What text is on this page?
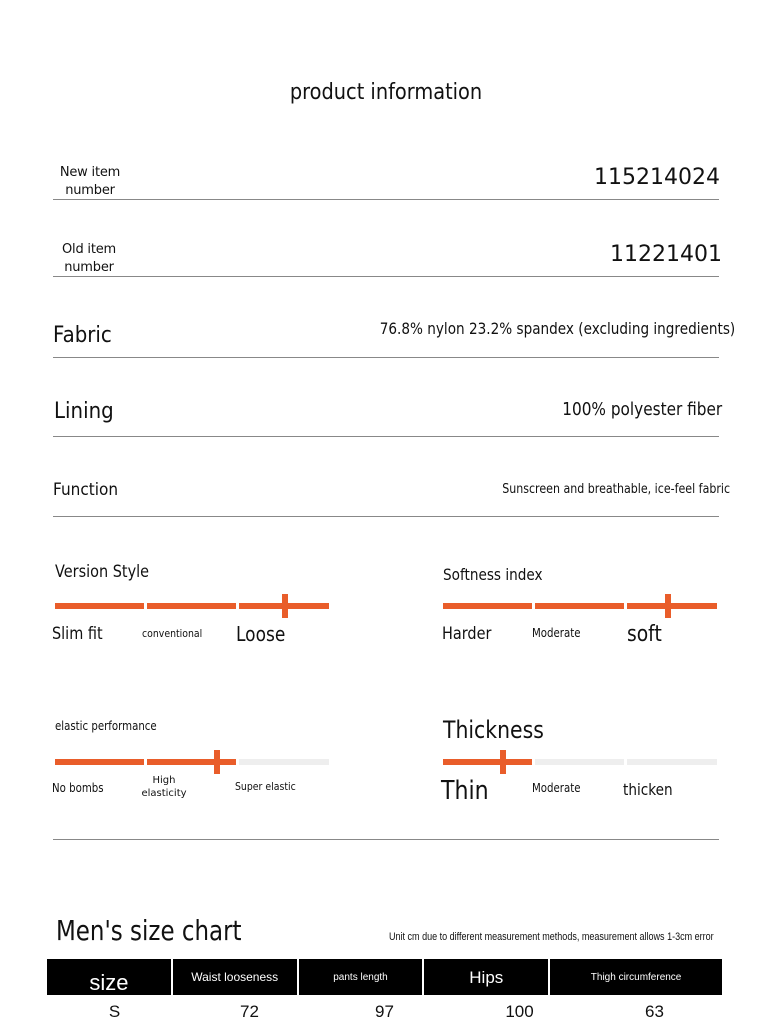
product information
New item
number
115214024
Old item
number
11221401
Fabric	76.8% nylon 23.2% spandex (excluding ingredients)
Lining	100% polyester fiber
Function	Sunscreen and breathable, ice-feel fabric
Version Style
Slim fit	conventional Loose
Softness index
Harder	Moderate soft
elastic performance
No bombs
High
elasticity
Super elastic
Thickness
Thin	Moderate	thicken
Men's size chart	Unit cm due to different measurement methods, measurement allows 1-3cm error
size	Waist looseness	pants length	Hips	Thigh circumference
S	72	97	100	63
